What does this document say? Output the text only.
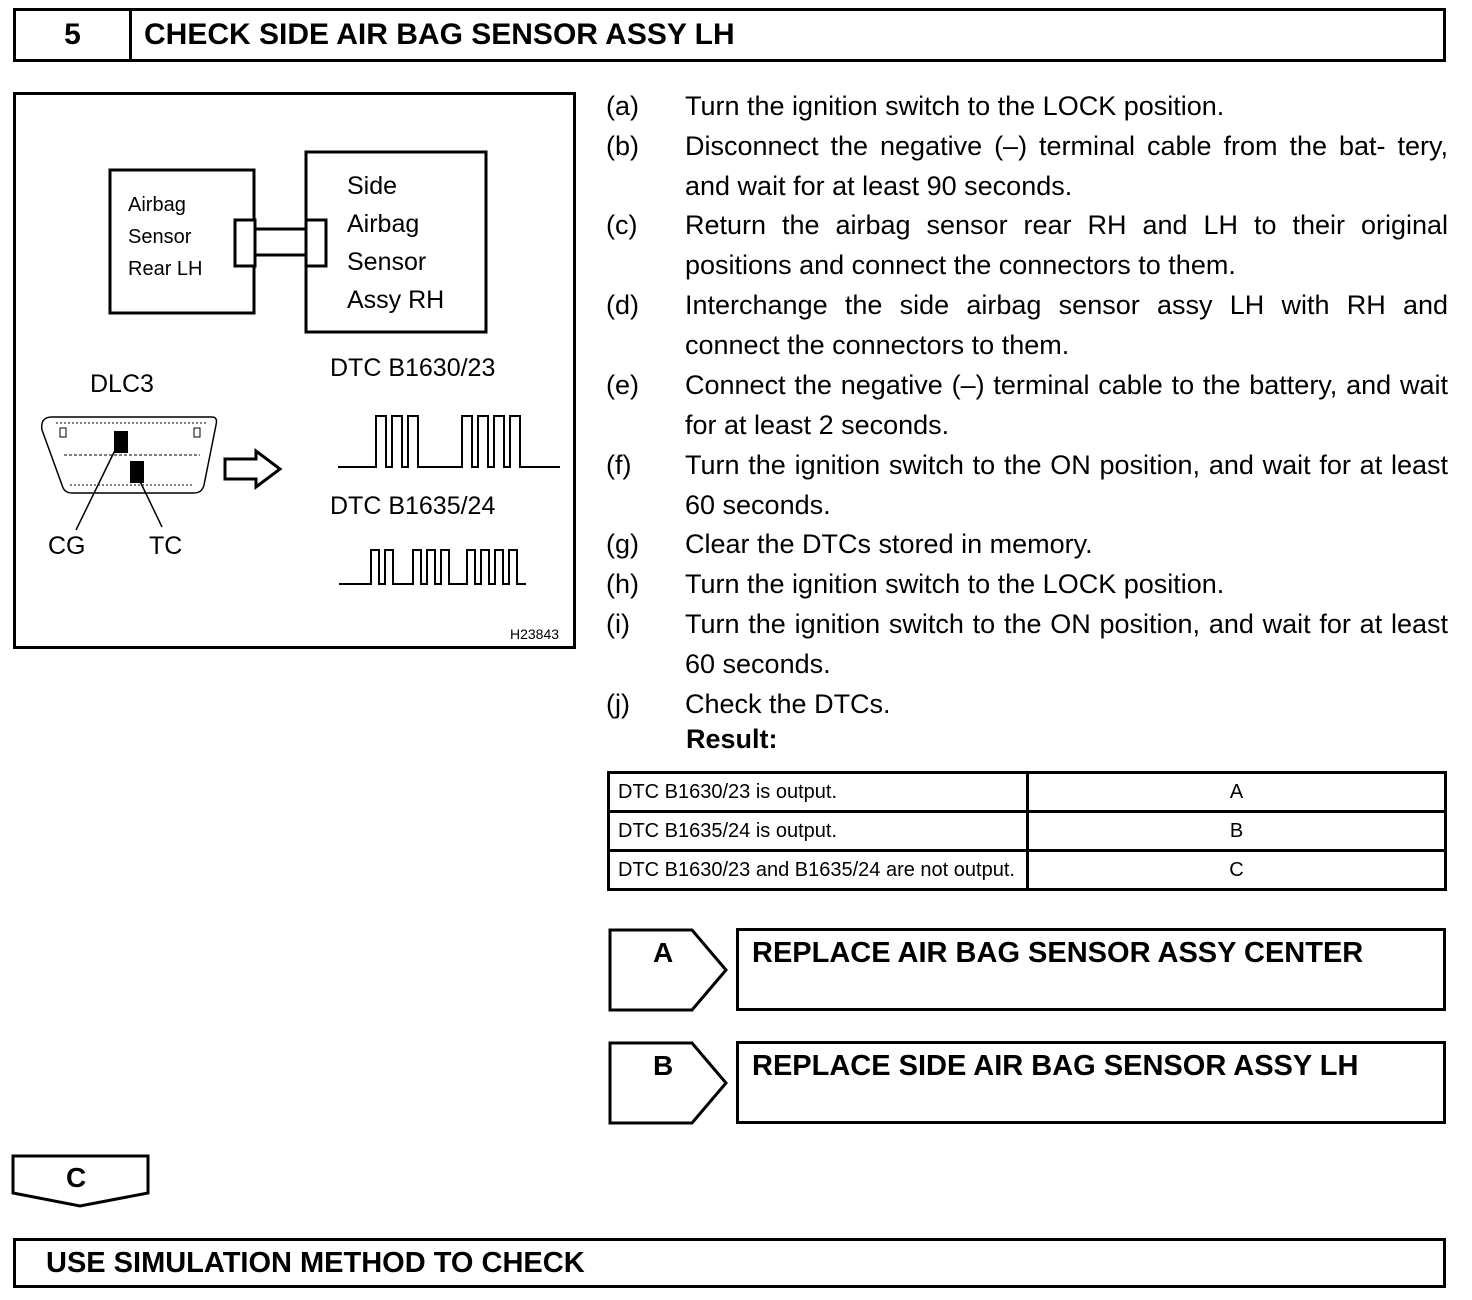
5	CHECK SIDE AIR BAG SENSOR ASSY LH
Airbag
Sensor
Rear LH
Side
Airbag
Sensor
Assy RH
DLC3
DTC B1630/23
DTC B1635/24
CG	TC
H23843
(a) Turn the ignition switch to the LOCK position.
(b) Disconnect the negative (–) terminal cable from the bat- tery, and wait for at least 90 seconds.
(c) Return the airbag sensor rear RH and LH to their original positions and connect the connectors to them.
(d) Interchange the side airbag sensor assy LH with RH and connect the connectors to them.
(e) Connect the negative (–) terminal cable to the battery, and wait for at least 2 seconds.
(f) Turn the ignition switch to the ON position, and wait for at least 60 seconds.
(g) Clear the DTCs stored in memory.
(h) Turn the ignition switch to the LOCK position.
(i) Turn the ignition switch to the ON position, and wait for at least 60 seconds.
(j) Check the DTCs.
Result:
DTC B1630/23 is output.	A
DTC B1635/24 is output.	B
DTC B1630/23 and B1635/24 are not output.	C
A	REPLACE AIR BAG SENSOR ASSY CENTER
B	REPLACE SIDE AIR BAG SENSOR ASSY LH
C
USE SIMULATION METHOD TO CHECK
